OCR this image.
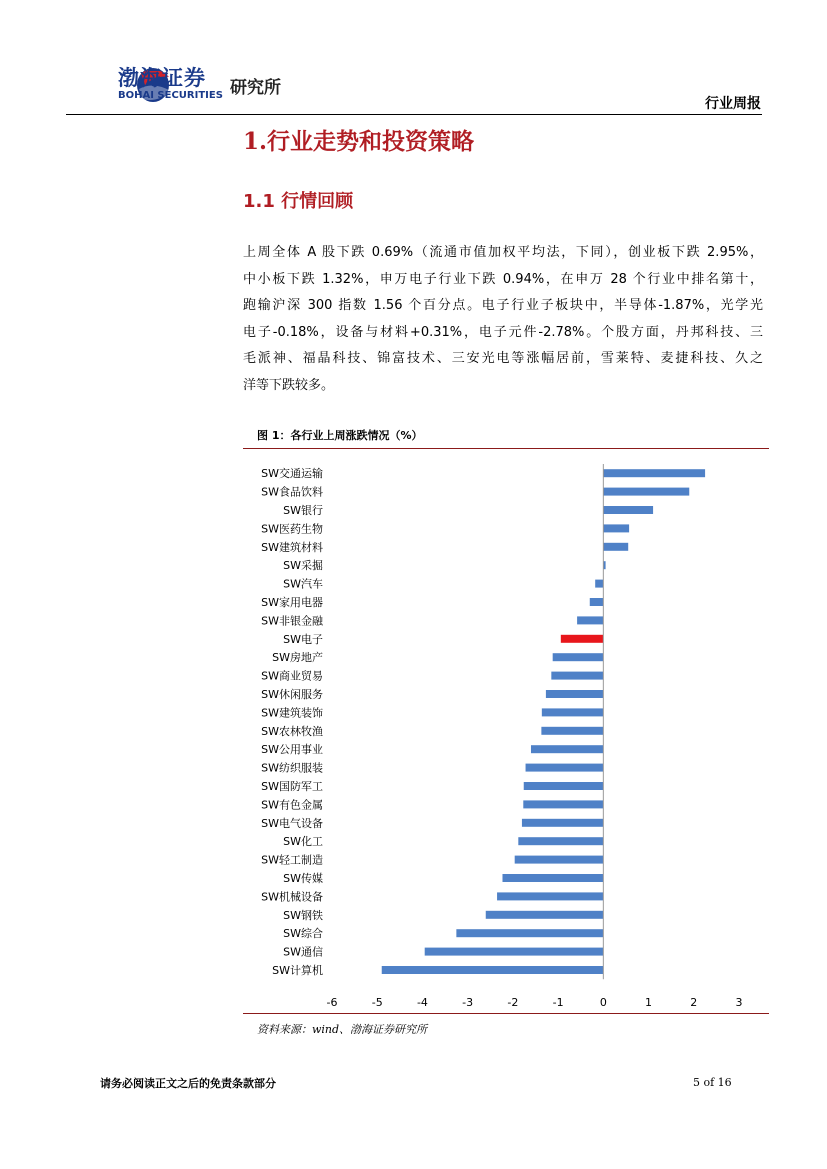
渤海证券
BOHAI SECURITIES 研究所
行业周报
1.行业走势和投资策略
1.1 行情回顾
上周全体 A 股下跌 0.69%（流通市值加权平均法，下同），创业板下跌 2.95%，
中小板下跌 1.32%，申万电子行业下跌 0.94%，在申万 28 个行业中排名第十，
跑输沪深 300 指数 1.56 个百分点。电子行业子板块中，半导体-1.87%，光学光
电子-0.18%，设备与材料+0.31%，电子元件-2.78%。个股方面，丹邦科技、三
毛派神、福晶科技、锦富技术、三安光电等涨幅居前，雪莱特、麦捷科技、久之
洋等下跌较多。
图 1：各行业上周涨跌情况（%）
SW交通运输
SW食品饮料
SW银行
SW医药生物
SW建筑材料
SW采掘
SW汽车
SW家用电器
SW非银金融
SW电子
SW房地产
SW商业贸易
SW休闲服务
SW建筑装饰
SW农林牧渔
SW公用事业
SW纺织服装
SW国防军工
SW有色金属
SW电气设备
SW化工
SW轻工制造
SW传媒
SW机械设备
SW钢铁
SW综合
SW通信
SW计算机
-6	-5	-4	-3	-2	-1	0	1	2	3
资料来源：wind、渤海证券研究所
请务必阅读正文之后的免责条款部分	5 of 16
